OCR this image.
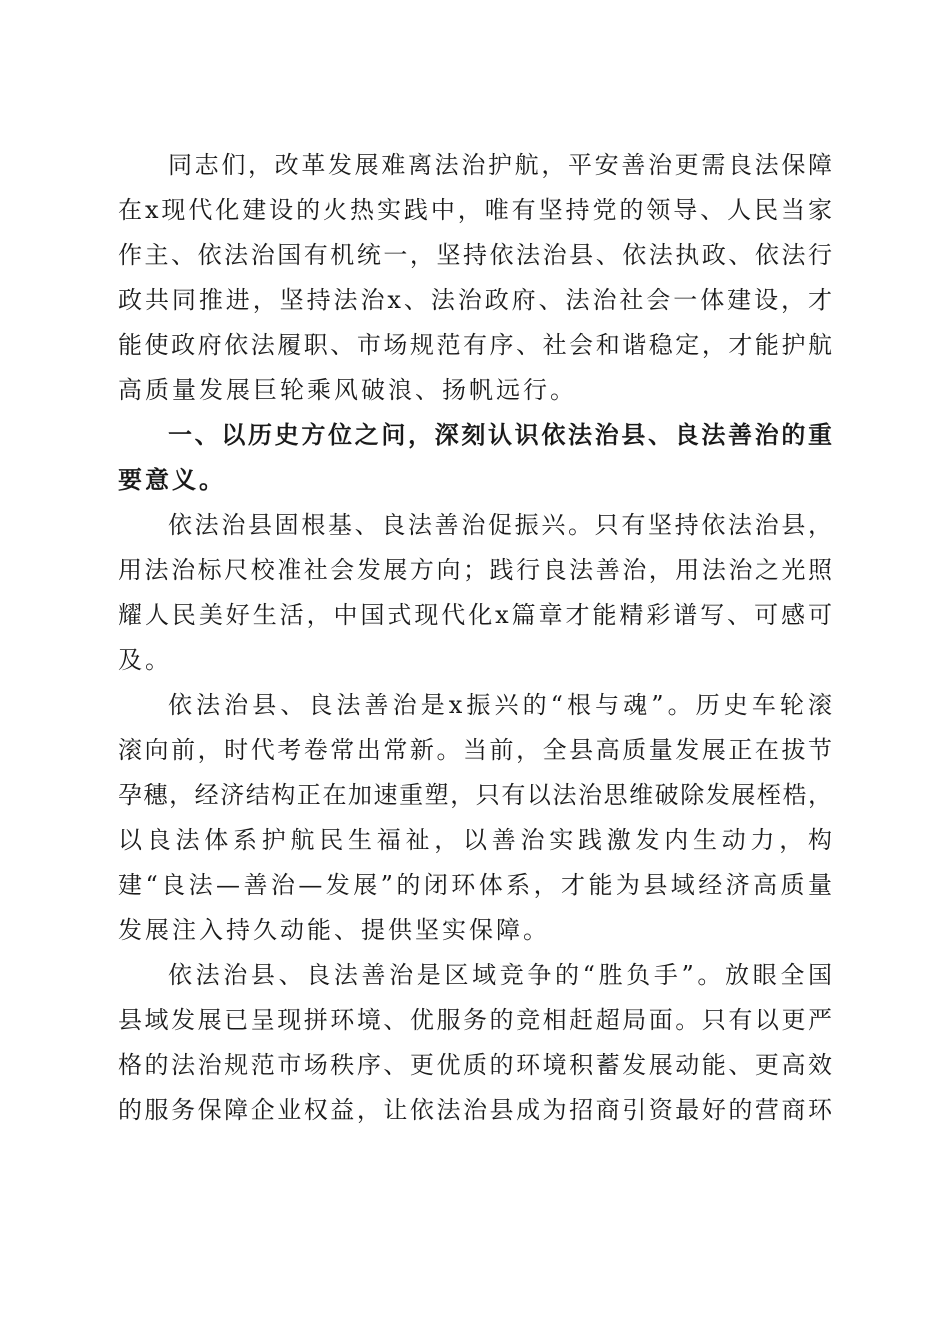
同志们，改革发展难离法治护航，平安善治更需良法保障
在x现代化建设的火热实践中，唯有坚持党的领导、人民当家
作主、依法治国有机统一，坚持依法治县、依法执政、依法行
政共同推进，坚持法治x、法治政府、法治社会一体建设，才
能使政府依法履职、市场规范有序、社会和谐稳定，才能护航
高质量发展巨轮乘风破浪、扬帆远行。
一、以历史方位之问，深刻认识依法治县、良法善治的重
要意义。
依法治县固根基、良法善治促振兴。只有坚持依法治县，
用法治标尺校准社会发展方向；践行良法善治，用法治之光照
耀人民美好生活，中国式现代化x篇章才能精彩谱写、可感可
及。
依法治县、良法善治是x振兴的“根与魂”。历史车轮滚
滚向前，时代考卷常出常新。当前，全县高质量发展正在拔节
孕穗，经济结构正在加速重塑，只有以法治思维破除发展桎梏，
以良法体系护航民生福祉，以善治实践激发内生动力，构
建“良法—善治—发展”的闭环体系，才能为县域经济高质量
发展注入持久动能、提供坚实保障。
依法治县、良法善治是区域竞争的“胜负手”。放眼全国
县域发展已呈现拼环境、优服务的竞相赶超局面。只有以更严
格的法治规范市场秩序、更优质的环境积蓄发展动能、更高效
的服务保障企业权益，让依法治县成为招商引资最好的营商环
